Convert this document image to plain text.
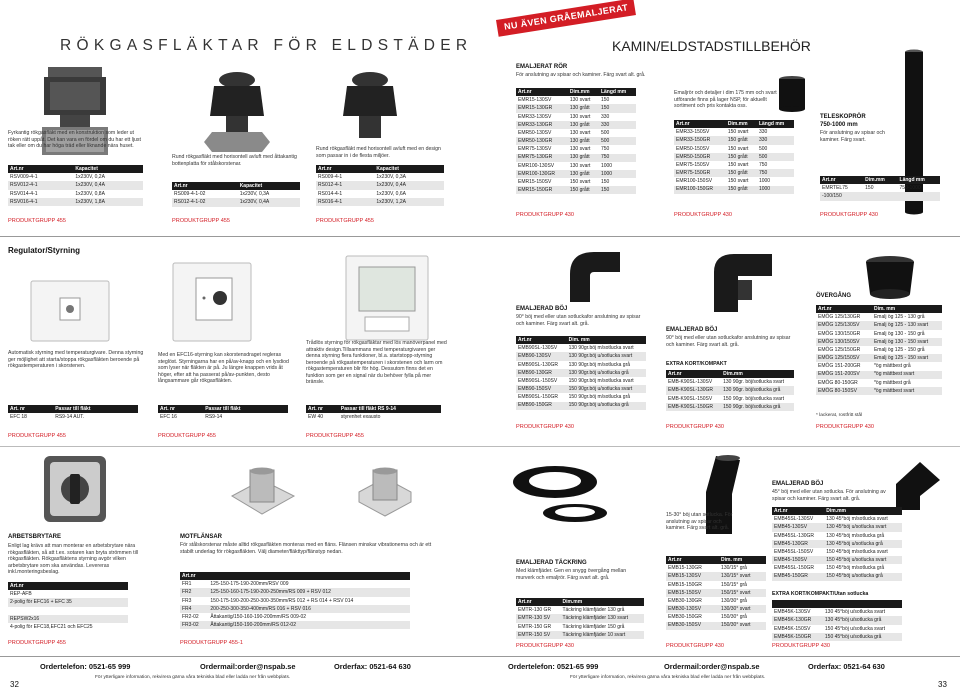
RÖKGASFLÄKTAR FÖR ELDSTÄDER
Fyrkantig rökgasfläkt med en konstruktion som leder ut röken rätt uppåt. Det kan vara en fördel om du har ett ljust tak eller om du har höga träd eller liknande nära huset.
Art.nr	Kapacitet
RSV009-4-1	1x230V, 0,2A
RSV012-4-1	1x230V, 0,4A
RSV014-4-1	1x230V, 0,8A
RSV016-4-1	1x230V, 1,8A
PRODUKTGRUPP 455
Rund rökgasfläkt med horisontell avluft med åttakantig bottenplatta för stålskorstenar.
Art.nr	Kapacitet
RS009-4-1-02	1x230V, 0,3A
RS012-4-1-02	1x230V, 0,4A
PRODUKTGRUPP 455
Rund rökgasfläkt med horisontell avluft med en design som passar in i de flesta miljöer.
Art.nr	Kapacitet
RS009-4-1	1x230V, 0,3A
RS012-4-1	1x230V, 0,4A
RS014-4-1	1x230V, 0,6A
RS016-4-1	1x230V, 1,2A
PRODUKTGRUPP 455
Regulator/Styrning
Automatisk styrning med temperaturgivare. Denna styrning ger möjlighet att starta/stoppa rökgasfläkten beroende på rökgastemperaturen i skorstenen.
Art. nr	Passar till fläkt
EFC 18	RS9-14 AUT.
PRODUKTGRUPP 455
Med en EFC16-styrning kan skorstensdraget regleras steglöst. Styrningarna har en på/av-knapp och en lysdiod som lyser när fläkten är på. Ju längre knappen vrids åt höger, efter att ha passerat på/av-punkten, desto långsammare går rökgasfläkten.
Art. nr	Passar till fläkt
EFC 16	RS9-14
PRODUKTGRUPP 455
Trådlös styrning för rökgasfläktar med lös manöverpanel med attraktiv design.Tillsammans med temperaturgivaren ger denna styrning flera funktioner, bl.a. startstopp-styrning beroende på rökgastemperaturen i skorstenen och larm om rökgastemperaturen blir för hög. Dessutom finns det en funktion som ger en signal när du behöver fylla på mer bränsle.
Art. nr	Passar till fläkt RS 9-14
EW 40	styrenhet exausto
PRODUKTGRUPP 455
ARBETSBRYTARE
Enligt lag krävs att man monterar en arbetsbrytare nära rökgasfläkten, så att t.ex. sotaren kan bryta strömmen till rökgasfläkten. Rökgasfläktens styrning avgör vilken arbetsbrytare som ska användas. Levereras inkl.monteringsbeslag.
Art.nr
REP-AFB
2-polig för EFC16 + EFC 35

REPSW2x16
4-polig för EFC18,EFC21 och EFC25
PRODUKTGRUPP 455
MOTFLÄNSAR
För stålskorstenar måste alltid rökgasfläkten monteras med en fläns. Flänsen minskar vibrationerna och är ett stabilt underlag för rökgasfläkten. Välj diameter/fläkttyp/flänstyp nedan.
Art.nr	
FR1	125-150-175-190-200mm/RSV 009
FR2	125-150-160-175-190-200-250mm/RS 009 + RSV 012
FR3	150-175-190-200-250-300-350mm/RS 012 + RS 014 + RSV 014
FR4	200-250-300-350-400mm/RS 016 + RSV 016
FR2-02	Åttakantig/150-160-190-200mm/RS 009-02
FR3-02	Åttakantig/150-190-200mm/RS 012-02
PRODUKTGRUPP 455-1
Ordertelefon: 0521-65 999	Ordermail:order@nspab.se	Orderfax: 0521-64 630
För ytterligare information, rekvirera gärna våra tekniska blad eller ladda ner från webbplats.
32
NU ÄVEN GRÅEMALJERAT
KAMIN/ELDSTADSTILLBEHÖR
EMALJERAT RÖR
För anslutning av spisar och kaminer. Färg svart alt. grå.
Art.nr	Dim.mm	Längd mm
EMR15-130SV	130 svart	150
EMR15-130GR	130 grått	150
EMR33-130SV	130 svart	330
EMR33-130GR	130 grått	330
EMR50-130SV	130 svart	500
EMR50-130GR	130 grått	500
EMR75-130SV	130 svart	750
EMR75-130GR	130 grått	750
EMR100-130SV	130 svart	1000
EMR100-130GR	130 grått	1000
EMR15-150SV	150 svart	150
EMR15-150GR	150 grått	150
PRODUKTGRUPP 430
Emaljrör och detaljer i dim 175 mm och svart utförande finns på lager NSP, för aktuellt sortiment och pris kontakta oss.
Art.nr	Dim.mm	Längd mm
EMR33-150SV	150 svart	330
EMR33-150GR	150 grått	330
EMR50-150SV	150 svart	500
EMR50-150GR	150 grått	500
EMR75-150SV	150 svart	750
EMR75-150GR	150 grått	750
EMR100-150SV	150 svart	1000
EMR100-150GR	150 grått	1000
PRODUKTGRUPP 430
TELESKOPRÖR
750-1000 mm
För anslutning av spisar och kaminer. Färg svart.
Art.nr	Dim.mm	Längd mm
EMRTEL75	150	750-1000
-100/150		
PRODUKTGRUPP 430
EMALJERAD BÖJ
90° böj med eller utan sotluckafor anslutning av spisar och kaminer. Färg svart alt. grå.
Art.nr	Dim. mm
EMB90SL-130SV	130 90gr.böj m/sotlucka svart
EMB90-130SV	130 90gr.böj u/sotlucka svart
EMB90SL-130GR	130 90gr.böj m/sotlucka grå
EMB90-130GR	130 90gr.böj u/sotlucka grå
EMB90SL-150SV	150 90gr.böj m/sotlucka svart
EMB90-150SV	150 90gr.böj u/sotlucka svart
EMB90SL-150GR	150 90gr.böj m/sotlucka grå
EMB90-150GR	150 90gr.böj u/sotlucka grå
PRODUKTGRUPP 430
EMALJERAD BÖJ
90° böj med eller utan sotluckafor anslutning av spisar och kaminer. Färg svart alt. grå.
EXTRA KORT/KOMPAKT
Art.nr	Dim.mm
EMB-K90SL-130SV	130 90gr. böj/sotlucka svart
EMB-K90SL-130GR	130 90gr. böj/sotlucka grå
EMB-K90SL-150SV	150 90gr. böj/sotlucka svart
EMB-K90SL-150GR	150 90gr. böj/sotlucka grå
PRODUKTGRUPP 430
ÖVERGÅNG
Art.nr	Dim. mm
EMÖG 125/130GR	Emalj ög 125 - 130 grå
EMÖG 125/130SV	Emalj ög 125 - 130 svart
EMÖG 130/150GR	Emalj ög 130 - 150 grå
EMÖG 130/150SV	Emalj ög 130 - 150 svart
EMÖG 125/150GR	Emalj ög 125 - 150 grå
EMÖG 125/150SV	Emalj ög 125 - 150 svart
EMÖG 151-200GR	*ög mättbest grå
EMÖG 151-200SV	*ög mättbest svart
EMÖG 80-150GR	*ög mättbest grå
EMÖG 80-150SV	*ög mättbest svart
* lackerat, rostfritt stål
PRODUKTGRUPP 430
EMALJERAD TÄCKRING
Med klämfjäder. Gen en snygg övergång mellan murverk och emaljrör. Färg svart alt. grå.
Art.nr	Dim.mm
EMTR-130 GR	Täckring klämfjäder 130 grå
EMTR-130 SV	Täckring klämfjäder 130 svart
EMTR-150 GR	Täckring klämfjäder 150 grå
EMTR-150 SV	Täckring klämfjäder 10 svart
PRODUKTGRUPP 430
15-30° böj utan sotlucka. För anslutning av spisar och kaminer. Färg svart alt. grå.
Art.nr	Dim. mm
EMB15-130GR	130/15° grå
EMB15-130SV	130/15° svart
EMB15-150GR	150/15° grå
EMB15-150SV	150/15° svart
EMB30-130GR	130/30° grå
EMB30-130SV	130/30° svart
EMB30-150GR	150/30° grå
EMB30-150SV	150/30° svart
PRODUKTGRUPP 430
EMALJERAD BÖJ
45° böj med eller utan sotlucka. För anslutning av spisar och kaminer. Färg svart alt. grå.
Art.nr	Dim.mm
EMB45SL-130SV	130 45°böj m/sotlucka svart
EMB45-130SV	130 45°böj u/sotlucka svart
EMB45SL-130GR	130 45°böj m/sotlucka grå
EMB45-130GR	130 45°böj u/sotlucka grå
EMB45SL-150SV	150 45°böj m/sotlucka svart
EMB45-150SV	150 45°böj u/sotlucka svart
EMB45SL-150GR	150 45°böj m/sotlucka grå
EMB45-150GR	150 45°böj u/sotlucka grå
EXTRA KORT/KOMPAKT/Utan sotlucka

EMB45K-130SV	130 45°böj u/sotlucka svart
EMB45K-130GR	130 45°böj u/sotlucka grå
EMB45K-150SV	150 45°böj u/sotlucka svart
EMB45K-150GR	150 45°böj u/sotlucka grå
PRODUKTGRUPP 430
Ordertelefon: 0521-65 999	Ordermail:order@nspab.se	Orderfax: 0521-64 630
För ytterligare information, rekvirera gärna våra tekniska blad eller ladda ner från webbplats.
33
